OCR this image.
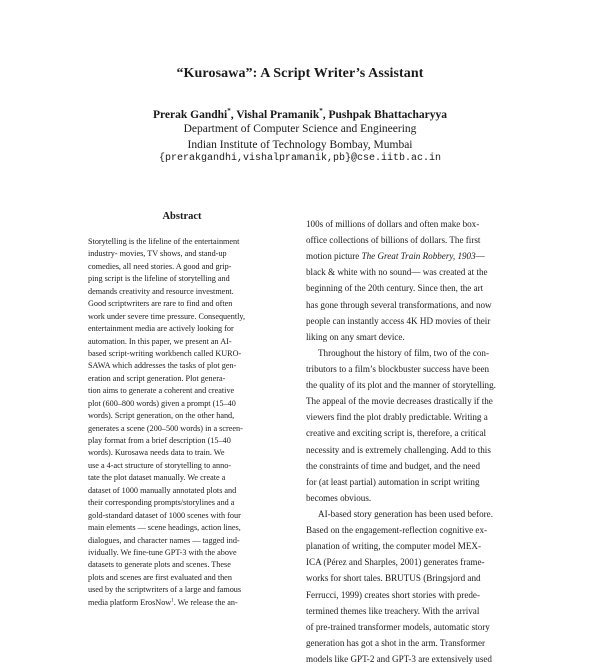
“Kurosawa”: A Script Writer’s Assistant
Prerak Gandhi*, Vishal Pramanik*, Pushpak Bhattacharyya
Department of Computer Science and Engineering
Indian Institute of Technology Bombay, Mumbai
{prerakgandhi,vishalpramanik,pb}@cse.iitb.ac.in
Abstract
Storytelling is the lifeline of the entertainment
industry- movies, TV shows, and stand-up
comedies, all need stories. A good and grip-
ping script is the lifeline of storytelling and
demands creativity and resource investment.
Good scriptwriters are rare to find and often
work under severe time pressure. Consequently,
entertainment media are actively looking for
automation. In this paper, we present an AI-
based script-writing workbench called KURO-
SAWA which addresses the tasks of plot gen-
eration and script generation. Plot genera-
tion aims to generate a coherent and creative
plot (600–800 words) given a prompt (15–40
words). Script generation, on the other hand,
generates a scene (200–500 words) in a screen-
play format from a brief description (15–40
words). Kurosawa needs data to train. We
use a 4-act structure of storytelling to anno-
tate the plot dataset manually. We create a
dataset of 1000 manually annotated plots and
their corresponding prompts/storylines and a
gold-standard dataset of 1000 scenes with four
main elements — scene headings, action lines,
dialogues, and character names — tagged ind-
ividually. We fine-tune GPT-3 with the above
datasets to generate plots and scenes. These
plots and scenes are first evaluated and then
used by the scriptwriters of a large and famous
media platform ErosNow$^1$. We release the an-
100s of millions of dollars and often make box-
office collections of billions of dollars. The first
motion picture The Great Train Robbery, 1903—
black & white with no sound— was created at the
beginning of the 20th century. Since then, the art
has gone through several transformations, and now
people can instantly access 4K HD movies of their
liking on any smart device.
Throughout the history of film, two of the con-
tributors to a film’s blockbuster success have been
the quality of its plot and the manner of storytelling.
The appeal of the movie decreases drastically if the
viewers find the plot drably predictable. Writing a
creative and exciting script is, therefore, a critical
necessity and is extremely challenging. Add to this
the constraints of time and budget, and the need
for (at least partial) automation in script writing
becomes obvious.
AI-based story generation has been used before.
Based on the engagement-reflection cognitive ex-
planation of writing, the computer model MEX-
ICA (Pérez and Sharples, 2001) generates frame-
works for short tales. BRUTUS (Bringsjord and
Ferrucci, 1999) creates short stories with prede-
termined themes like treachery. With the arrival
of pre-trained transformer models, automatic story
generation has got a shot in the arm. Transformer
models like GPT-2 and GPT-3 are extensively used
